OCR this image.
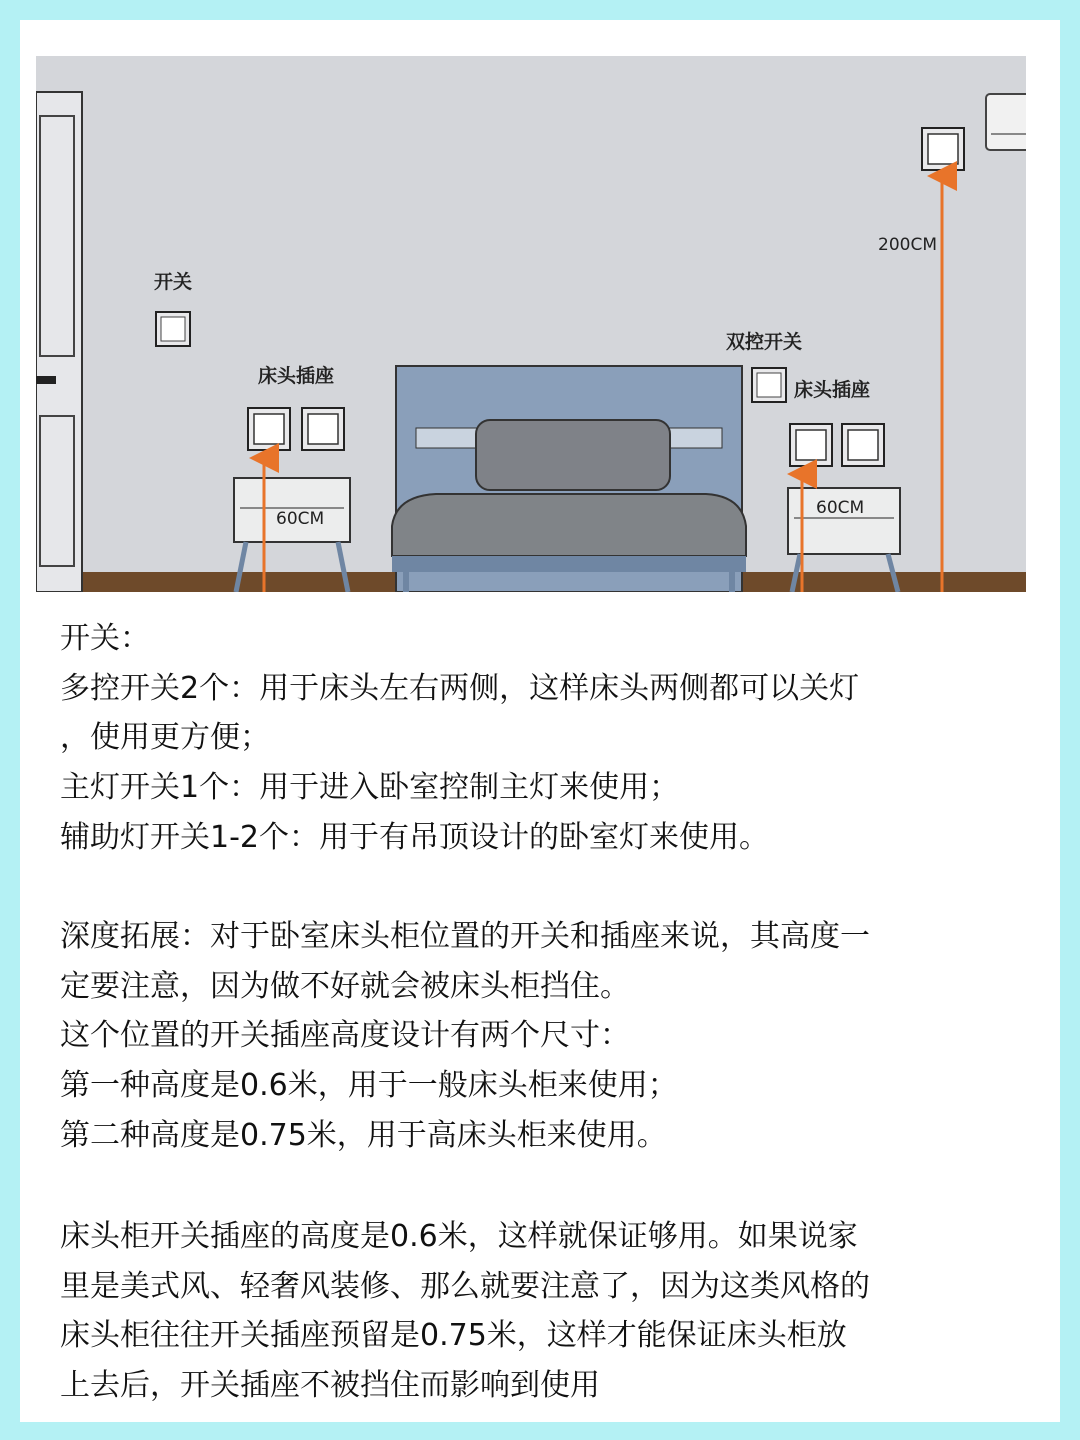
200CM
开关
床头插座
60CM
双控开关
床头插座
60CM

开关：

多控开关2个：用于床头左右两侧，这样床头两侧都可以关灯

，使用更方便；

主灯开关1个：用于进入卧室控制主灯来使用；

辅助灯开关1-2个：用于有吊顶设计的卧室灯来使用。

深度拓展：对于卧室床头柜位置的开关和插座来说，其高度一

定要注意，因为做不好就会被床头柜挡住。

这个位置的开关插座高度设计有两个尺寸：

第一种高度是0.6米，用于一般床头柜来使用；

第二种高度是0.75米，用于高床头柜来使用。

床头柜开关插座的高度是0.6米，这样就保证够用。如果说家

里是美式风、轻奢风装修、那么就要注意了，因为这类风格的

床头柜往往开关插座预留是0.75米，这样才能保证床头柜放

上去后，开关插座不被挡住而影响到使用
